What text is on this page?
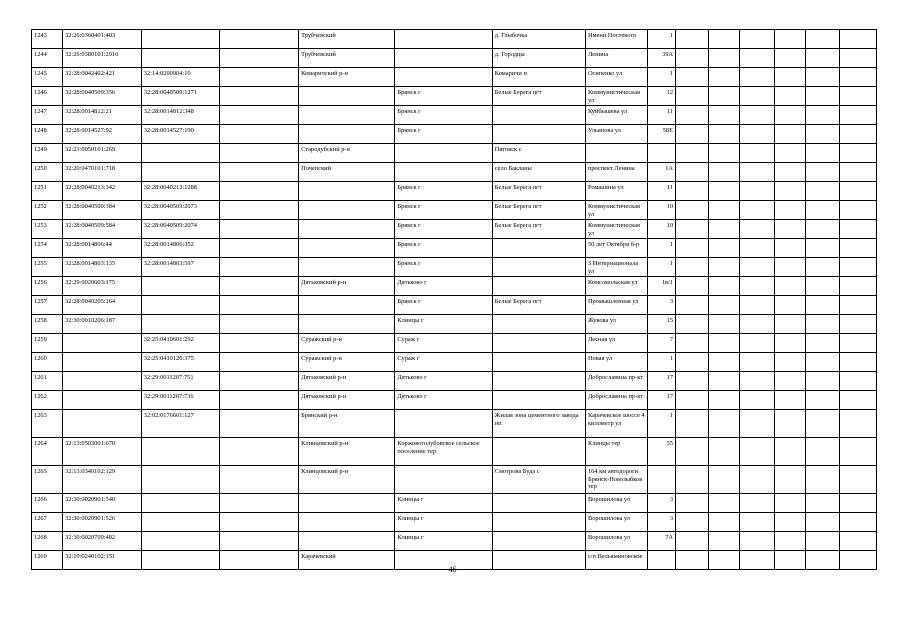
1243	32:26:0360401:403			Трубчевский		д. Глыбочка	Имени Постевого	1						
1244	32:26:0380101:2916			Трубчевский		д. Городцы	Ленина	39А						
1245	32:28:0042402:421	32:14:0200904:10		Комаричский р-н		Комаричи п	Осипенко ул	1						
1246	32:28:0040509:356	32:28:0040509:1271			Брянск г	Белые Берега пгт	Коммунистическая ул	12						
1247	32:28:0014812:21	32:28:0014812:348			Брянск г		Куйбышева ул	11						
1248	32:28:0014527:92	32:28:0014527:190			Брянск г		Ульянова ул	58Е						
1249	32:23:0050101:269			Стародубский р-н		Пятовск с								
1250	32:20:0470101:718			Почепский		село Бакланы	проспект Ленина	1А						
1251	32:28:0040213:342	32:28:0040213:1288			Брянск г	Белые Берега пгт	Ромашина ул	11						
1252	32:28:0040509:384	32:28:0040509:2073			Брянск г	Белые Берега пгт	Коммунистическая ул	10						
1253	32:28:0040509:584	32:28:0040509:2074			Брянск г	Белые Берега пгт	Коммунистическая ул	10						
1254	32:28:0014806:44	32:28:0014806:352			Брянск г		50 лет Октября б-р	1						
1255	32:28:0014803:135	32:28:0014803:597			Брянск г		3 Интернационала ул	1						
1256	32:29:0020603:175			Дятьковский р-н	Дятьково г		Комсомольская ул	1в/1						
1257	32:28:0040205:164				Брянск г	Белые Берега пгт	Промышленная ул	3						
1258	32:30:0010206:187				Клинцы г		Жукова ул	15						
1259		32:25:0410601:292		Суражский р-н	Сураж г		Лесная ул	7						
1260		32:25:0410126:375		Суражский р-н	Сураж г		Новая ул	1						
1261		32:29:0011207:751		Дятьковский р-н	Дятьково г		Доброславина пр-кт	17						
1262		32:29:0011207:736		Дятьковский р-н	Дятьково г		Доброславина пр-кт	17						
1263		32:02:0176601:127		Брянский р-н		Жилая зона цементного завода нп	Карачевское шоссе 4 километр ул	1						
1264	32:13:0503001:670			Клинцовский р-н	Коржовоголубовское сельское поселение тер		Клинцы тер	35						
1265	32:13:0340102:129			Клинцовский р-н		Смотрова Буда с	164 км автодороги Брянск-Новозыбков тер							
1266	32:30:0020901:540				Клинцы г		Ворошилова ул	3						
1267	32:30:0020901:526				Клинцы г		Ворошилова ул	3						
1268	32:30:0020709:482				Клинцы г		Ворошилова ул	7А						
1269	32:10:0240102:151			Карачевский			с/п Вельяминовское							
46
